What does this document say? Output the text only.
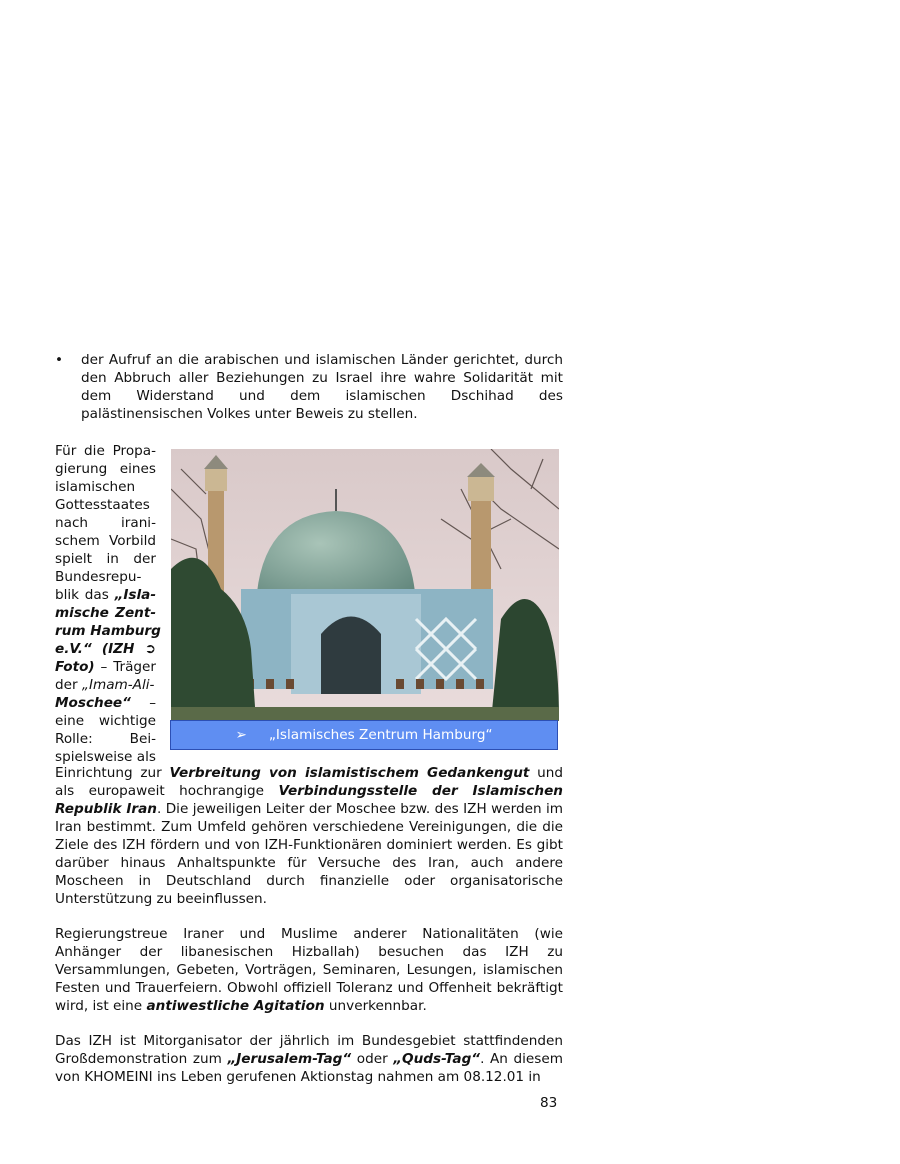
• der Aufruf an die arabischen und islamischen Länder gerichtet, durch den Abbruch aller Beziehungen zu Israel ihre wahre Solidarität mit dem Widerstand und dem islamischen Dschihad des palästinensischen Volkes unter Beweis zu stellen.
Für die Propa-
gierung eines
islamischen
Gottesstaates
nach irani-
schem Vorbild
spielt in der
Bundesrepu-
blik das „Isla-
mische Zent-
rum Hamburg
e.V.“ (IZH ➲
Foto) – Träger
der „Imam-Ali-
Moschee“ –
eine wichtige
Rolle: Bei-
spielsweise als
➢ „Islamisches Zentrum Hamburg“
Einrichtung zur Verbreitung von islamistischem Gedankengut und als europaweit hochrangige Verbindungsstelle der Islamischen Republik Iran. Die jeweiligen Leiter der Moschee bzw. des IZH werden im Iran bestimmt. Zum Umfeld gehören verschiedene Vereinigungen, die die Ziele des IZH fördern und von IZH-Funktionären dominiert werden. Es gibt darüber hinaus Anhaltspunkte für Versuche des Iran, auch andere Moscheen in Deutschland durch finanzielle oder organisatorische Unterstützung zu beeinflussen.
Regierungstreue Iraner und Muslime anderer Nationalitäten (wie Anhänger der libanesischen Hizballah) besuchen das IZH zu Versammlungen, Gebeten, Vorträgen, Seminaren, Lesungen, islamischen Festen und Trauerfeiern. Obwohl offiziell Toleranz und Offenheit bekräftigt wird, ist eine antiwestliche Agitation unverkennbar.
Das IZH ist Mitorganisator der jährlich im Bundesgebiet stattfindenden Großdemonstration zum „Jerusalem-Tag“ oder „Quds-Tag“. An diesem von KHOMEINI ins Leben gerufenen Aktionstag nahmen am 08.12.01 in
83
